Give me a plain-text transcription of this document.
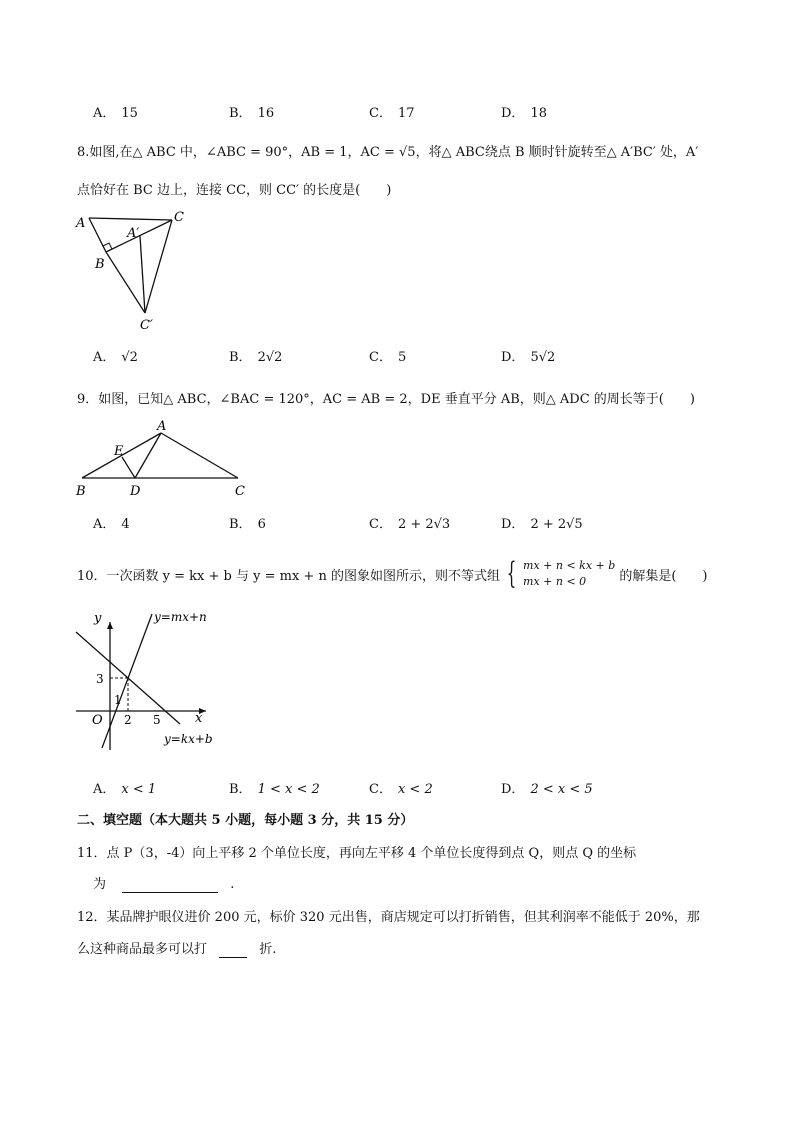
A． 15	B． 16	C． 17	D． 18
8.如图,在△ ABC 中，∠ABC = 90°，AB = 1，AC = √5，将△ ABC绕点 B 顺时针旋转至△ A′BC′ 处，A′
点恰好在 BC 边上，连接 CC，则 CC′ 的长度是(　　)
A
A′
B
C
C′
A． √2	B． 2√2	C． 5	D． 5√2
9．如图，已知△ ABC，∠BAC = 120°，AC = AB = 2，DE 垂直平分 AB，则△ ADC 的周长等于(　　)
A
E
B	D	C
A． 4	B． 6	C． 2 + 2√3	D． 2 + 2√5
10．一次函数 y = kx + b 与 y = mx + n 的图象如图所示，则不等式组 { mx + n < kx + b
mx + n < 0	的解集是(　　)
y
x
O
y=mx+n
y=kx+b
3
1
2 5
A． x < 1	B． 1 < x < 2	C． x < 2	D． 2 < x < 5
二、填空题（本大题共 5 小题，每小题 3 分，共 15 分）
11．点 P（3，-4）向上平移 2 个单位长度，再向左平移 4 个单位长度得到点 Q，则点 Q 的坐标
为	.
12．某品牌护眼仪进价 200 元，标价 320 元出售，商店规定可以打折销售，但其利润率不能低于 20%，那
么这种商品最多可以打	折.
